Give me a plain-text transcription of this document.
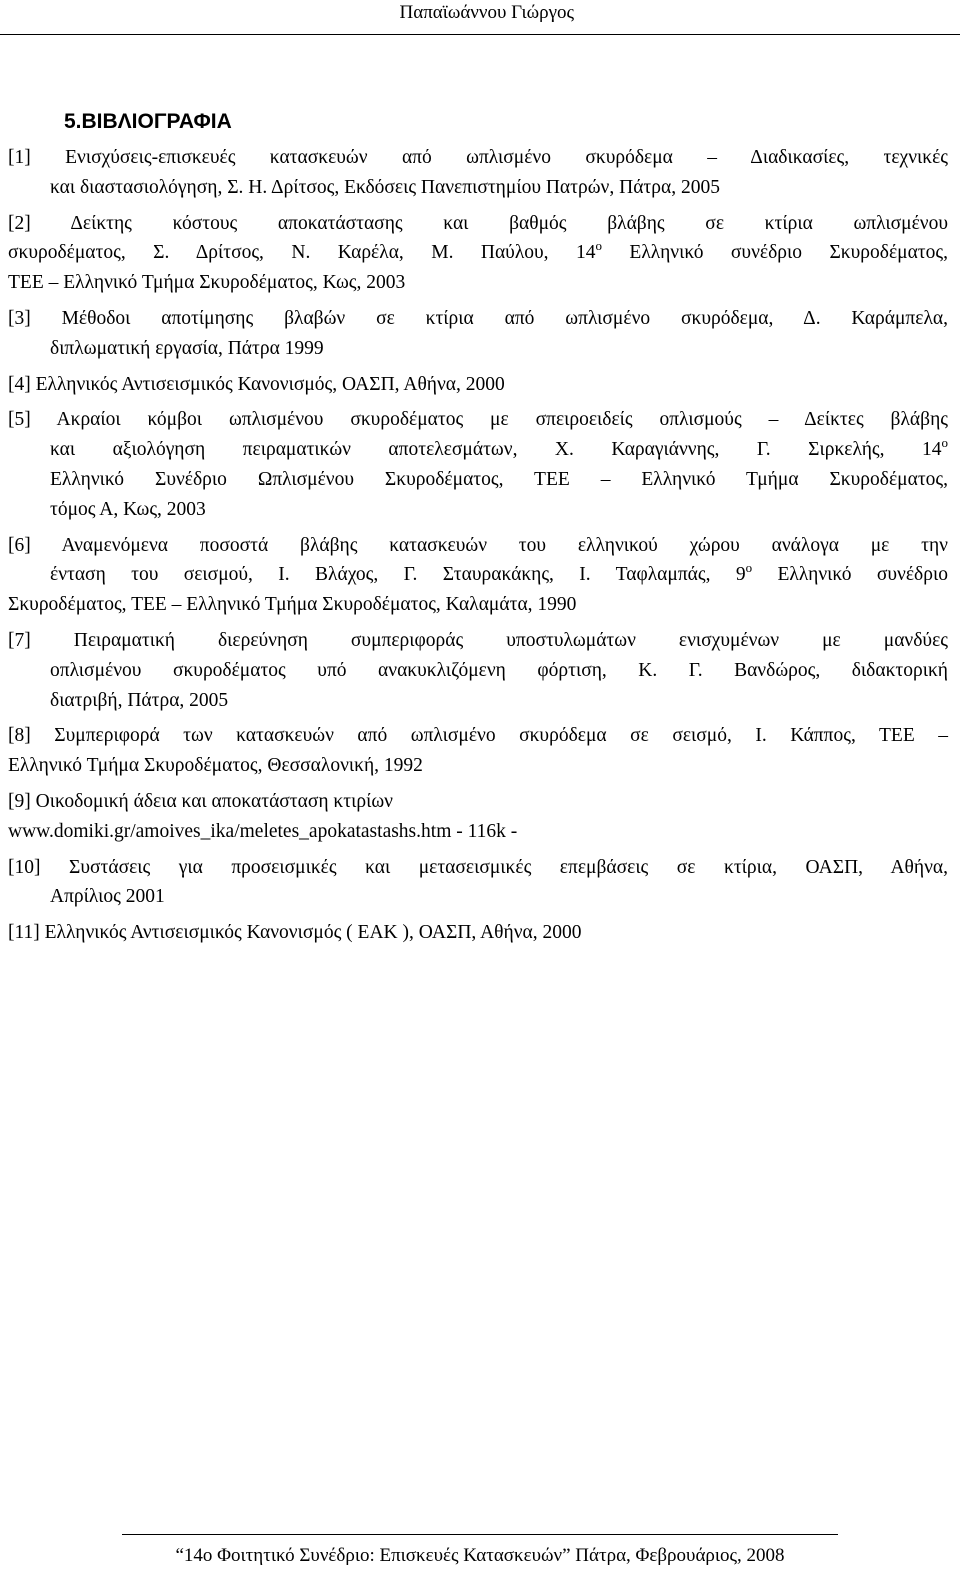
Παπαϊωάννου Γιώργος
5.ΒΙΒΛΙΟΓΡΑΦΙΑ
[1] Ενισχύσεις-επισκευές κατασκευών από ωπλισμένο σκυρόδεμα – Διαδικασίες, τεχνικές
και διαστασιολόγηση, Σ. Η. Δρίτσος, Εκδόσεις Πανεπιστημίου Πατρών, Πάτρα, 2005
[2] Δείκτης κόστους αποκατάστασης και βαθμός βλάβης σε κτίρια ωπλισμένου
σκυροδέματος, Σ. Δρίτσος, Ν. Καρέλα, Μ. Παύλου, $14^o$ Ελληνικό συνέδριο Σκυροδέματος,
ΤΕΕ – Ελληνικό Τμήμα Σκυροδέματος, Κως, 2003
[3] Μέθοδοι αποτίμησης βλαβών σε κτίρια από ωπλισμένο σκυρόδεμα, Δ. Καράμπελα,
διπλωματική εργασία, Πάτρα 1999
[4] Ελληνικός Αντισεισμικός Κανονισμός, ΟΑΣΠ, Αθήνα, 2000
[5] Ακραίοι κόμβοι ωπλισμένου σκυροδέματος με σπειροειδείς οπλισμούς – Δείκτες βλάβης
και αξιολόγηση πειραματικών αποτελεσμάτων, Χ. Καραγιάννης, Γ. Σιρκελής, $14^o$
Ελληνικό Συνέδριο Ωπλισμένου Σκυροδέματος, ΤΕΕ – Ελληνικό Τμήμα Σκυροδέματος,
τόμος Α, Κως, 2003
[6] Αναμενόμενα ποσοστά βλάβης κατασκευών του ελληνικού χώρου ανάλογα με την
ένταση του σεισμού, Ι. Βλάχος, Γ. Σταυρακάκης, Ι. Ταφλαμπάς, $9^o$ Ελληνικό συνέδριο
Σκυροδέματος, ΤΕΕ – Ελληνικό Τμήμα Σκυροδέματος, Καλαμάτα, 1990
[7] Πειραματική διερεύνηση συμπεριφοράς υποστυλωμάτων ενισχυμένων με μανδύες
οπλισμένου σκυροδέματος υπό ανακυκλιζόμενη φόρτιση, Κ. Γ. Βανδώρος, διδακτορική
διατριβή, Πάτρα, 2005
[8] Συμπεριφορά των κατασκευών από ωπλισμένο σκυρόδεμα σε σεισμό, Ι. Κάππος, ΤΕΕ –
Ελληνικό Τμήμα Σκυροδέματος, Θεσσαλονική, 1992
[9] Οικοδομική άδεια και αποκατάσταση κτιρίων
www.domiki.gr/amoives_ika/meletes_apokatastashs.htm - 116k -
[10] Συστάσεις για προσεισμικές και μετασεισμικές επεμβάσεις σε κτίρια, ΟΑΣΠ, Αθήνα,
Απρίλιος 2001
[11] Ελληνικός Αντισεισμικός Κανονισμός ( ΕΑΚ ), ΟΑΣΠ, Αθήνα, 2000
“14ο Φοιτητικό Συνέδριο: Επισκευές Κατασκευών” Πάτρα, Φεβρουάριος, 2008
